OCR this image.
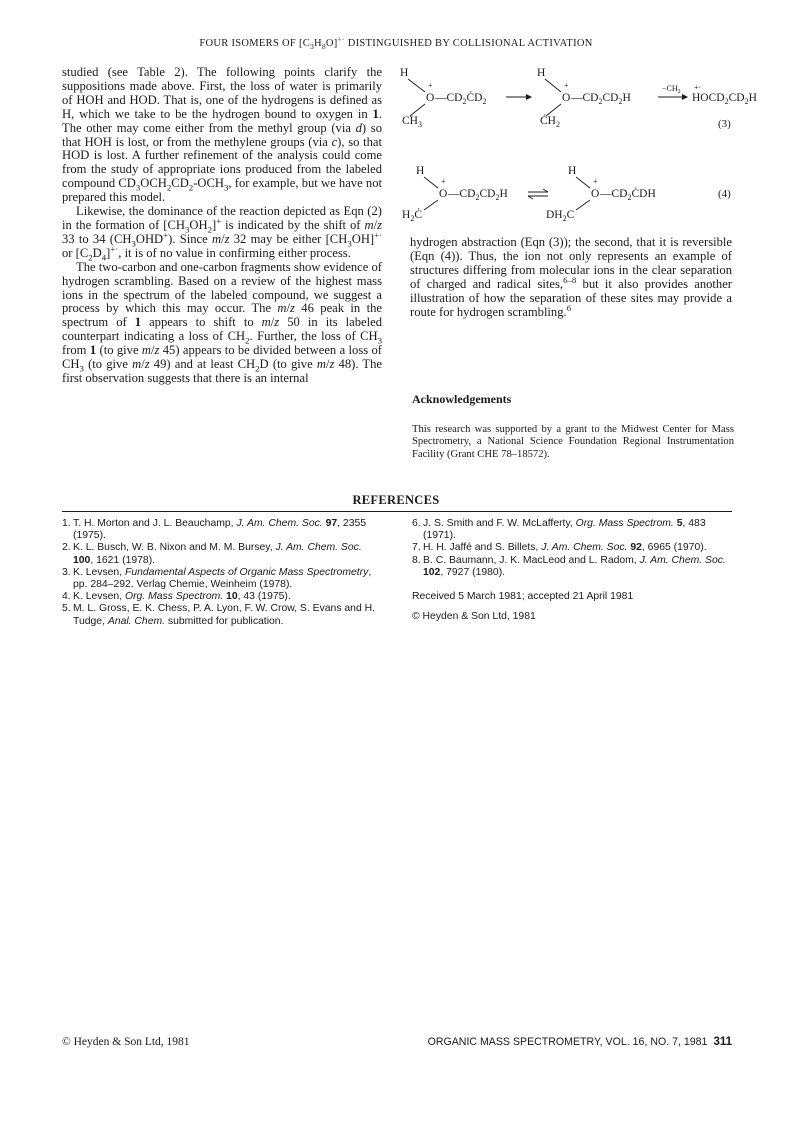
FOUR ISOMERS OF $[C_3H_8O]^{+\cdot}$ DISTINGUISHED BY COLLISIONAL ACTIVATION

studied (see Table 2). The following points clarify the suppositions made above. First, the loss of water is primarily of HOH and HOD. That is, one of the hydrogens is defined as H, which we take to be the hydrogen bound to oxygen in 1. The other may come either from the methyl group (via d) so that HOH is lost, or from the methylene groups (via c), so that HOD is lost. A further refinement of the analysis could come from the study of appropriate ions produced from the labeled compound $CD_3OCH_2CD_2-OCH_3$, for example, but we have not prepared this model.

Likewise, the dominance of the reaction depicted as Eqn (2) in the formation of $[CH_3OH_2]^+$ is indicated by the shift of m/z 33 to 34 $(CH_3OHD^+)$. Since m/z 32 may be either $[CH_3OH]^{+\cdot}$ or $[C_2D_4]^{+\cdot}$, it is of no value in confirming either process.

The two-carbon and one-carbon fragments show evidence of hydrogen scrambling. Based on a review of the highest mass ions in the spectrum of the labeled compound, we suggest a process by which this may occur. The m/z 46 peak in the spectrum of 1 appears to shift to m/z 50 in its labeled counterpart indicating a loss of $CH_2$. Further, the loss of $CH_3$ from 1 (to give m/z 45) appears to be divided between a loss of $CH_3$ (to give m/z 49) and at least $CH_2D$ (to give m/z 48). The first observation suggests that there is an internal

H
+
O $—CD_2ĊD_2$
$CH_3$
H
+
O $—CD_2CD_2H$
$ĊH_2$
$-CH_2$ +·
$HOCD_2CD_2H$
(3)
H
+
O $—CD_2CD_2H$
$H_2Ċ$
H
+
O $—CD_2ĊDH$
$DH_2C$
(4)

hydrogen abstraction (Eqn (3)); the second, that it is reversible (Eqn (4)). Thus, the ion not only represents an example of structures differing from molecular ions in the clear separation of charged and radical sites,$^{6-8}$ but it also provides another illustration of how the separation of these sites may provide a route for hydrogen scrambling.$^6$

Acknowledgements
This research was supported by a grant to the Midwest Center for Mass Spectrometry, a National Science Foundation Regional Instrumentation Facility (Grant CHE 78–18572).
REFERENCES
1. T. H. Morton and J. L. Beauchamp, J. Am. Chem. Soc. 97, 2355 (1975).
2. K. L. Busch, W. B. Nixon and M. M. Bursey, J. Am. Chem. Soc. 100, 1621 (1978).
3. K. Levsen, Fundamental Aspects of Organic Mass Spectrometry, pp. 284–292. Verlag Chemie, Weinheim (1978).
4. K. Levsen, Org. Mass Spectrom. 10, 43 (1975).
5. M. L. Gross, E. K. Chess, P. A. Lyon, F. W. Crow, S. Evans and H. Tudge, Anal. Chem. submitted for publication.
6. J. S. Smith and F. W. McLafferty, Org. Mass Spectrom. 5, 483 (1971).
7. H. H. Jaffé and S. Billets, J. Am. Chem. Soc. 92, 6965 (1970).
8. B. C. Baumann, J. K. MacLeod and L. Radom, J. Am. Chem. Soc. 102, 7927 (1980).
Received 5 March 1981; accepted 21 April 1981
© Heyden & Son Ltd, 1981
© Heyden & Son Ltd, 1981	ORGANIC MASS SPECTROMETRY, VOL. 16, NO. 7, 1981 311
